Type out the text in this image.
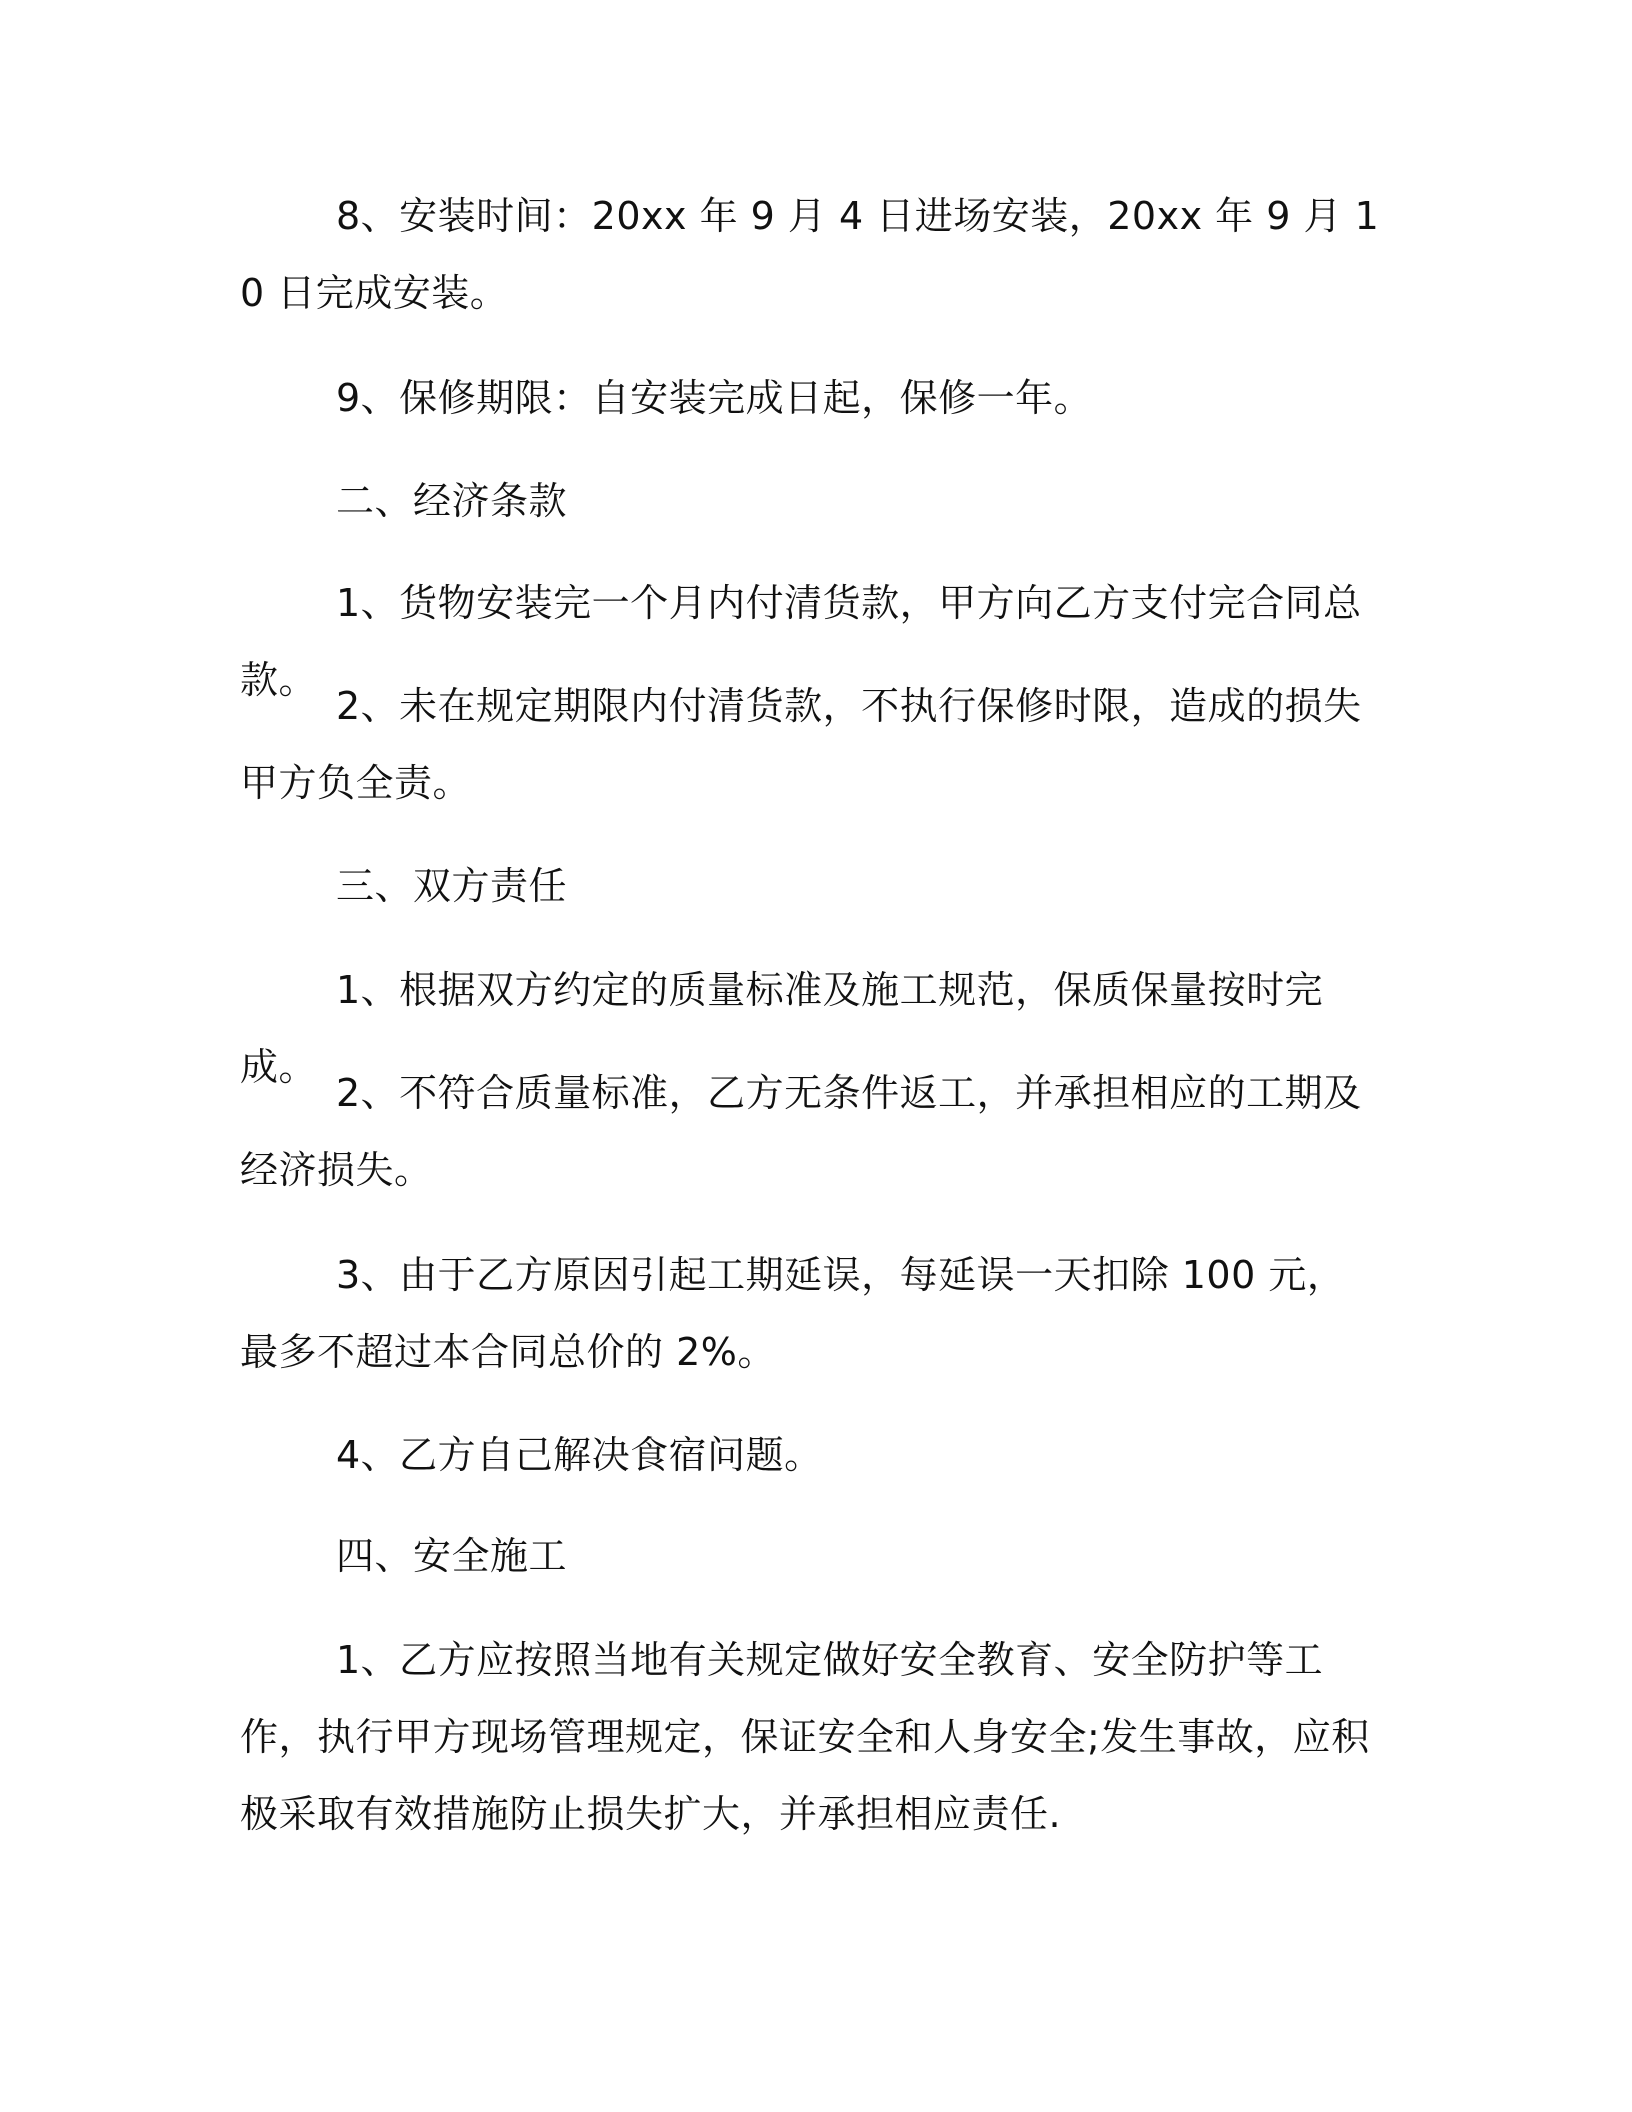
8、安装时间：20xx 年 9 月 4 日进场安装，20xx 年 9 月 10 日完成安装。

9、保修期限：自安装完成日起，保修一年。

二、经济条款

1、货物安装完一个月内付清货款，甲方向乙方支付完合同总款。

2、未在规定期限内付清货款，不执行保修时限，造成的损失甲方负全责。

三、双方责任

1、根据双方约定的质量标准及施工规范，保质保量按时完成。

2、不符合质量标准，乙方无条件返工，并承担相应的工期及经济损失。

3、由于乙方原因引起工期延误，每延误一天扣除 100 元，最多不超过本合同总价的 2%。

4、乙方自己解决食宿问题。

四、安全施工

1、乙方应按照当地有关规定做好安全教育、安全防护等工作，执行甲方现场管理规定，保证安全和人身安全;发生事故，应积极采取有效措施防止损失扩大，并承担相应责任.
